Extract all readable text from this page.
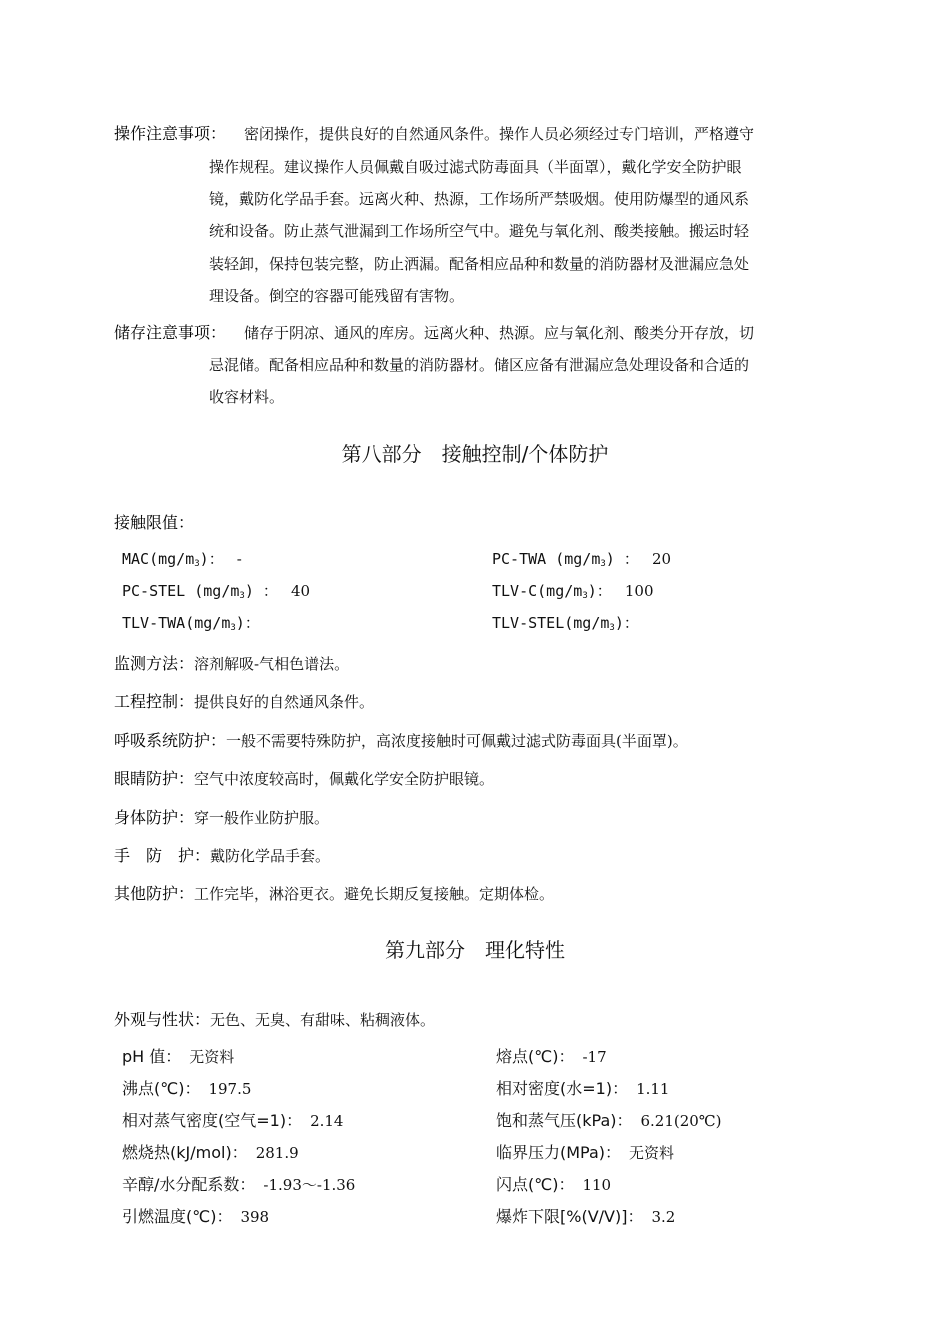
操作注意事项： 密闭操作，提供良好的自然通风条件。操作人员必须经过专门培训，严格遵守
操作规程。建议操作人员佩戴自吸过滤式防毒面具（半面罩），戴化学安全防护眼
镜，戴防化学品手套。远离火种、热源，工作场所严禁吸烟。使用防爆型的通风系
统和设备。防止蒸气泄漏到工作场所空气中。避免与氧化剂、酸类接触。搬运时轻
装轻卸，保持包装完整，防止洒漏。配备相应品种和数量的消防器材及泄漏应急处
理设备。倒空的容器可能残留有害物。
储存注意事项： 储存于阴凉、通风的库房。远离火种、热源。应与氧化剂、酸类分开存放，切
忌混储。配备相应品种和数量的消防器材。储区应备有泄漏应急处理设备和合适的
收容材料。
第八部分　接触控制/个体防护
接触限值：
$MAC(mg/m_3)$： -	PC-TWA $(mg/m_3)$ ： 20
PC-STEL $(mg/m_3)$ ： 40	TLV-$C(mg/m_3)$： 100
TLV-$TWA(mg/m_3)$：	TLV-$STEL(mg/m_3)$：
监测方法：溶剂解吸-气相色谱法。
工程控制：提供良好的自然通风条件。
呼吸系统防护：一般不需要特殊防护，高浓度接触时可佩戴过滤式防毒面具(半面罩)。
眼睛防护：空气中浓度较高时，佩戴化学安全防护眼镜。
身体防护：穿一般作业防护服。
手　防　护：戴防化学品手套。
其他防护：工作完毕，淋浴更衣。避免长期反复接触。定期体检。
第九部分　理化特性
外观与性状：无色、无臭、有甜味、粘稠液体。
pH 值： 无资料	熔点(℃)： -17
沸点(℃)： 197.5	相对密度(水=1)： 1.11
相对蒸气密度(空气=1)： 2.14	饱和蒸气压(kPa)： 6.21(20℃)
燃烧热(kJ/mol)： 281.9	临界压力(MPa)： 无资料
辛醇/水分配系数： -1.93～-1.36	闪点(℃)： 110
引燃温度(℃)： 398	爆炸下限[%(V/V)]： 3.2
